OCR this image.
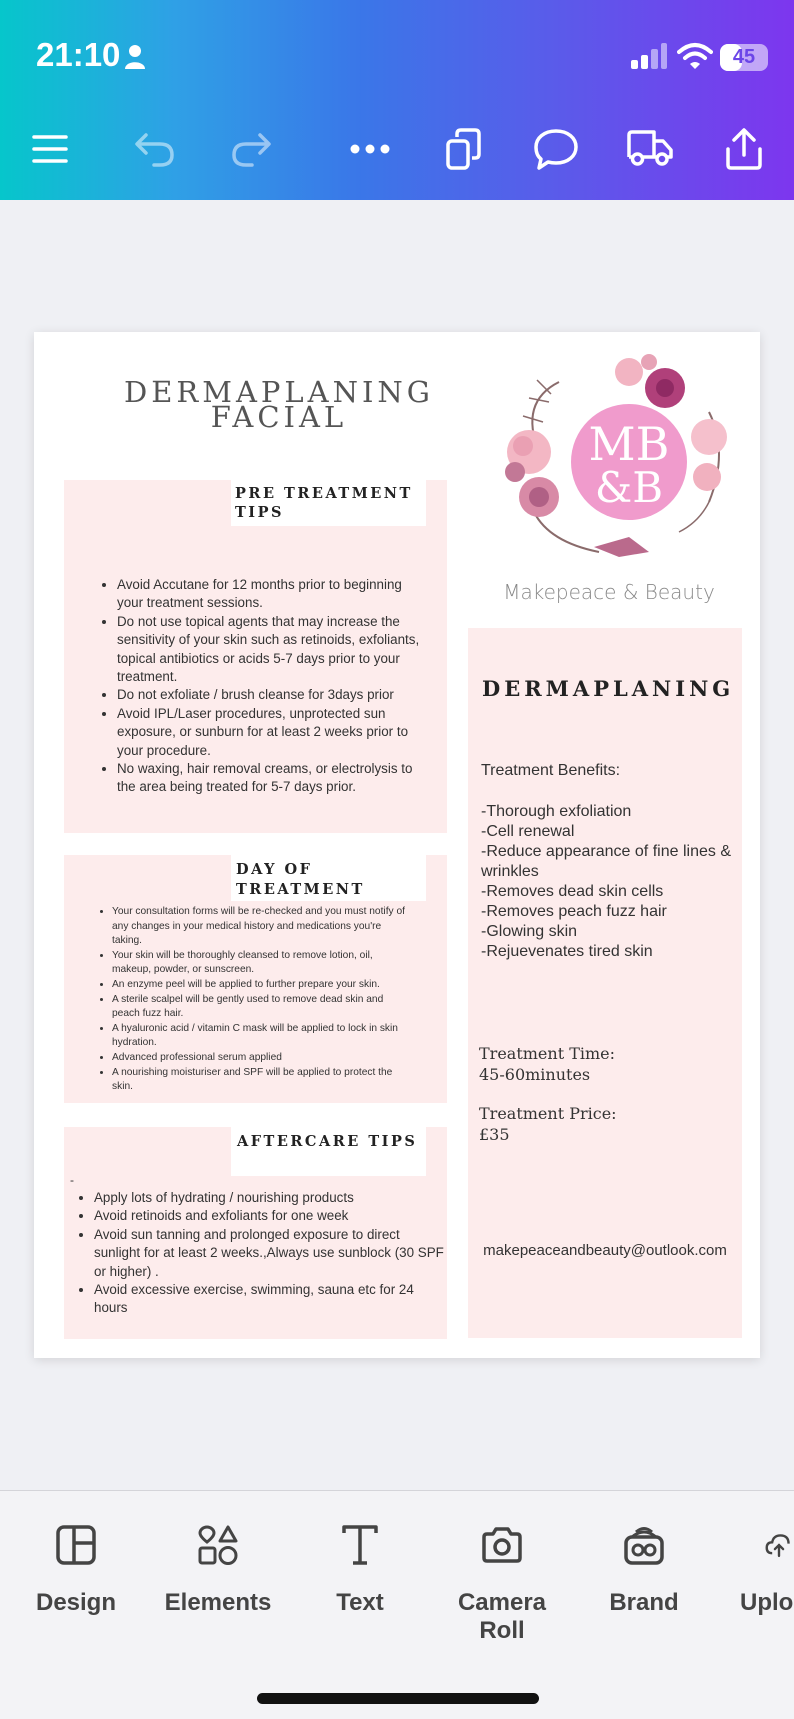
21:10	45
DERMAPLANING
FACIAL
PRE TREATMENT
TIPS
• Avoid Accutane for 12 months prior to beginning your treatment sessions.
• Do not use topical agents that may increase the sensitivity of your skin such as retinoids, exfoliants, topical antibiotics or acids 5-7 days prior to your treatment.
• Do not exfoliate / brush cleanse for 3days prior
• Avoid IPL/Laser procedures, unprotected sun exposure, or sunburn for at least 2 weeks prior to your procedure.
• No waxing, hair removal creams, or electrolysis to the area being treated for 5-7 days prior.
DAY OF
TREATMENT
• Your consultation forms will be re-checked and you must notify of any changes in your medical history and medications you're taking.
• Your skin will be thoroughly cleansed to remove lotion, oil, makeup, powder, or sunscreen.
• An enzyme peel will be applied to further prepare your skin.
• A sterile scalpel will be gently used to remove dead skin and peach fuzz hair.
• A hyaluronic acid / vitamin C mask will be applied to lock in skin hydration.
• Advanced professional serum applied
• A nourishing moisturiser and SPF will be applied to protect the skin.
AFTERCARE TIPS
-
• Apply lots of hydrating / nourishing products
• Avoid retinoids and exfoliants for one week
• Avoid sun tanning and prolonged exposure to direct sunlight for at least 2 weeks.,Always use sunblock (30 SPF or higher) .
• Avoid excessive exercise, swimming, sauna etc for 24 hours
MB
&B
Makepeace & Beauty
DERMAPLANING
Treatment Benefits:
-Thorough exfoliation
-Cell renewal
-Reduce appearance of fine lines & wrinkles
-Removes dead skin cells
-Removes peach fuzz hair
-Glowing skin
-Rejuevenates tired skin
Treatment Time:
45-60minutes
Treatment Price:
£35
makepeaceandbeauty@outlook.com
Design	Elements	Text	Camera Roll
Brand	Uplo
